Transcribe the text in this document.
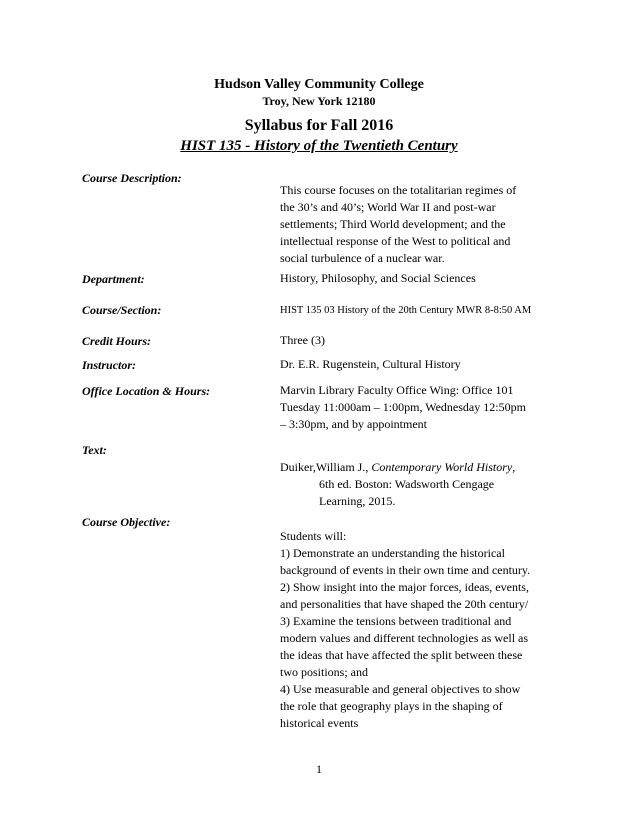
Hudson Valley Community College
Troy, New York 12180
Syllabus for Fall 2016
HIST 135 - History of the Twentieth Century
Course Description:
This course focuses on the totalitarian regimes of
the 30’s and 40’s; World War II and post-war
settlements; Third World development; and the
intellectual response of the West to political and
social turbulence of a nuclear war.
Department:	History, Philosophy, and Social Sciences
Course/Section:	HIST 135 03 History of the 20th Century MWR 8-8:50 AM
Credit Hours:	Three (3)
Instructor:	Dr. E.R. Rugenstein, Cultural History
Office Location & Hours:	Marvin Library Faculty Office Wing: Office 101
Tuesday 11:000am – 1:00pm, Wednesday 12:50pm
– 3:30pm, and by appointment
Text:
Duiker,William J., Contemporary World History,
6th ed. Boston: Wadsworth Cengage
Learning, 2015.
Course Objective:
Students will:
1) Demonstrate an understanding the historical
background of events in their own time and century.
2) Show insight into the major forces, ideas, events,
and personalities that have shaped the 20th century/
3) Examine the tensions between traditional and
modern values and different technologies as well as
the ideas that have affected the split between these
two positions; and
4) Use measurable and general objectives to show
the role that geography plays in the shaping of
historical events
1
